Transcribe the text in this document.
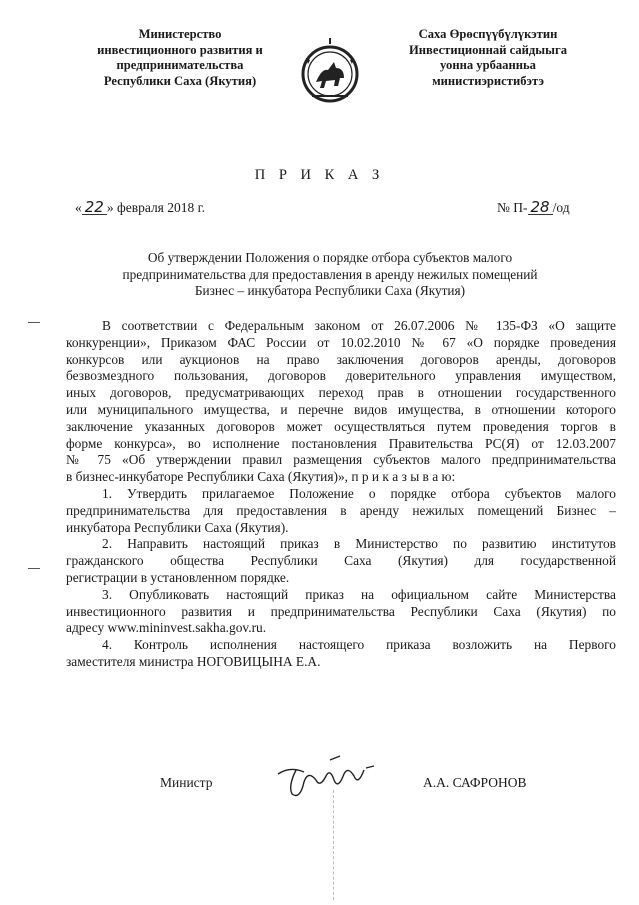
Министерство
инвестиционного развития и
предпринимательства
Республики Саха (Якутия)
Саха Өрөспүүбүлүкэтин
Инвестиционнай сайдыыга
уонна урбаанньа
министиэристибэтэ
П Р И К А З
« 22 » февраля 2018 г.	№ П- 28 /од
Об утверждении Положения о порядке отбора субъектов малого
предпринимательства для предоставления в аренду нежилых помещений
Бизнес – инкубатора Республики Саха (Якутия)
В соответствии с Федеральным законом от 26.07.2006 № 135-ФЗ «О защите
конкуренции», Приказом ФАС России от 10.02.2010 № 67 «О порядке проведения
конкурсов или аукционов на право заключения договоров аренды, договоров
безвозмездного пользования, договоров доверительного управления имуществом,
иных договоров, предусматривающих переход прав в отношении государственного
или муниципального имущества, и перечне видов имущества, в отношении которого
заключение указанных договоров может осуществляться путем проведения торгов в
форме конкурса», во исполнение постановления Правительства РС(Я) от 12.03.2007
№ 75 «Об утверждении правил размещения субъектов малого предпринимательства
в бизнес-инкубаторе Республики Саха (Якутия)», п р и к а з ы в а ю:
1. Утвердить прилагаемое Положение о порядке отбора субъектов малого
предпринимательства для предоставления в аренду нежилых помещений Бизнес –
инкубатора Республики Саха (Якутия).
2. Направить настоящий приказ в Министерство по развитию институтов
гражданского общества Республики Саха (Якутия) для государственной
регистрации в установленном порядке.
3. Опубликовать настоящий приказ на официальном сайте Министерства
инвестиционного развития и предпринимательства Республики Саха (Якутия) по
адресу www.mininvest.sakha.gov.ru.
4. Контроль исполнения настоящего приказа возложить на Первого
заместителя министра НОГОВИЦЫНА Е.А.
Министр	А.А. САФРОНОВ
